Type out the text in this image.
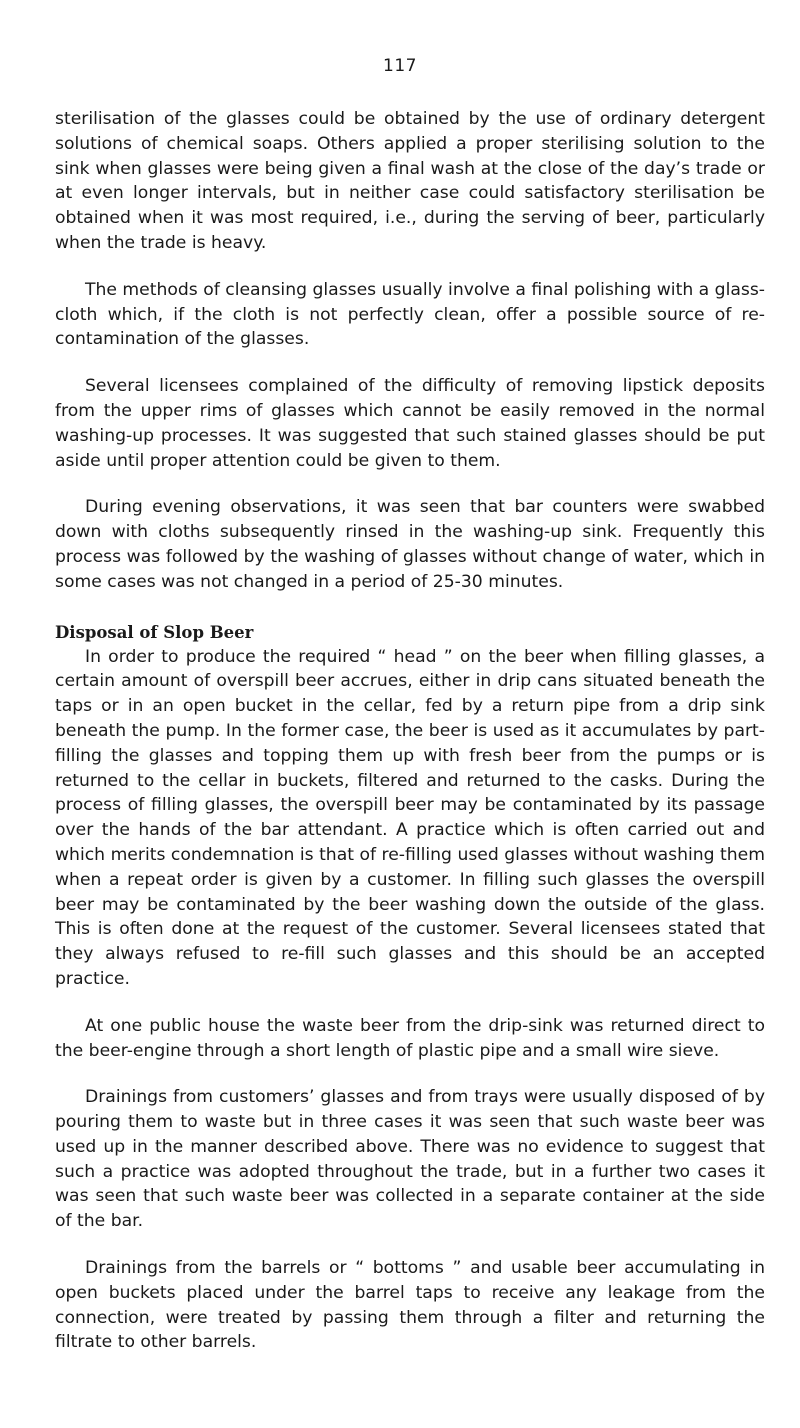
117

sterilisation of the glasses could be obtained by the use of ordinary detergent solutions of chemical soaps. Others applied a proper sterilising solution to the sink when glasses were being given a final wash at the close of the day’s trade or at even longer intervals, but in neither case could satisfactory sterilisation be obtained when it was most required, i.e., during the serving of beer, particularly when the trade is heavy.

The methods of cleansing glasses usually involve a final polishing with a glass-cloth which, if the cloth is not perfectly clean, offer a possible source of re-contamination of the glasses.

Several licensees complained of the difficulty of removing lipstick deposits from the upper rims of glasses which cannot be easily removed in the normal washing-up processes. It was suggested that such stained glasses should be put aside until proper attention could be given to them.

During evening observations, it was seen that bar counters were swabbed down with cloths subsequently rinsed in the washing-up sink. Frequently this process was followed by the washing of glasses without change of water, which in some cases was not changed in a period of 25-30 minutes.

Disposal of Slop Beer

In order to produce the required “ head ” on the beer when filling glasses, a certain amount of overspill beer accrues, either in drip cans situated beneath the taps or in an open bucket in the cellar, fed by a return pipe from a drip sink beneath the pump. In the former case, the beer is used as it accumulates by part-filling the glasses and topping them up with fresh beer from the pumps or is returned to the cellar in buckets, filtered and returned to the casks. During the process of filling glasses, the overspill beer may be contaminated by its passage over the hands of the bar attendant. A practice which is often carried out and which merits condemnation is that of re-filling used glasses without washing them when a repeat order is given by a customer. In filling such glasses the overspill beer may be contaminated by the beer washing down the outside of the glass. This is often done at the request of the customer. Several licensees stated that they always refused to re-fill such glasses and this should be an accepted practice.

At one public house the waste beer from the drip-sink was returned direct to the beer-engine through a short length of plastic pipe and a small wire sieve.

Drainings from customers’ glasses and from trays were usually disposed of by pouring them to waste but in three cases it was seen that such waste beer was used up in the manner described above. There was no evidence to suggest that such a practice was adopted throughout the trade, but in a further two cases it was seen that such waste beer was collected in a separate container at the side of the bar.

Drainings from the barrels or “ bottoms ” and usable beer accumulating in open buckets placed under the barrel taps to receive any leakage from the connection, were treated by passing them through a filter and returning the filtrate to other barrels.
